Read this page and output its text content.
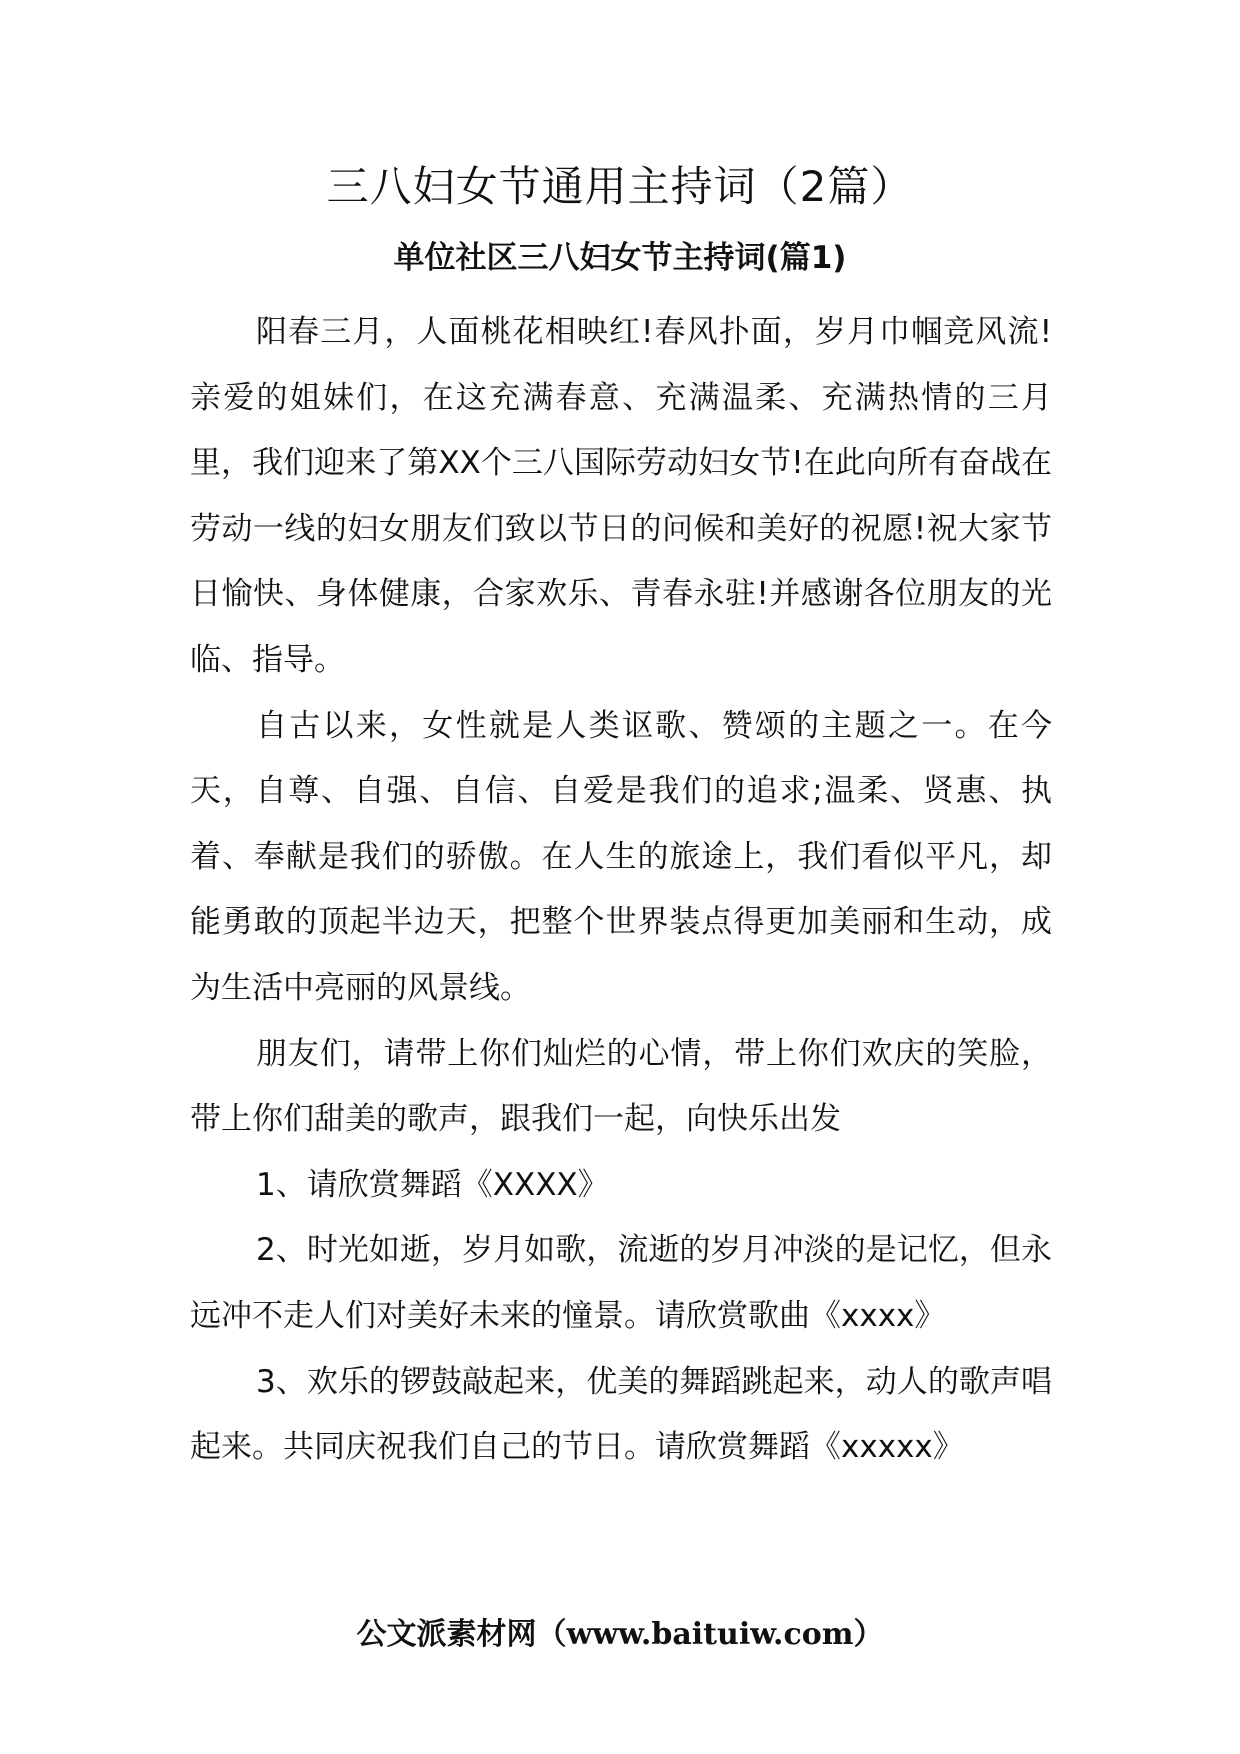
三八妇女节通用主持词（2篇）
单位社区三八妇女节主持词(篇1)

阳春三月，人面桃花相映红!春风扑面，岁月巾帼竞风流!亲爱的姐妹们，在这充满春意、充满温柔、充满热情的三月里，我们迎来了第XX个三八国际劳动妇女节!在此向所有奋战在劳动一线的妇女朋友们致以节日的问候和美好的祝愿!祝大家节日愉快、身体健康，合家欢乐、青春永驻!并感谢各位朋友的光临、指导。

自古以来，女性就是人类讴歌、赞颂的主题之一。在今天，自尊、自强、自信、自爱是我们的追求;温柔、贤惠、执着、奉献是我们的骄傲。在人生的旅途上，我们看似平凡，却能勇敢的顶起半边天，把整个世界装点得更加美丽和生动，成为生活中亮丽的风景线。

朋友们，请带上你们灿烂的心情，带上你们欢庆的笑脸，带上你们甜美的歌声，跟我们一起，向快乐出发

1、请欣赏舞蹈《XXXX》

2、时光如逝，岁月如歌，流逝的岁月冲淡的是记忆，但永远冲不走人们对美好未来的憧景。请欣赏歌曲《xxxx》

3、欢乐的锣鼓敲起来，优美的舞蹈跳起来，动人的歌声唱起来。共同庆祝我们自己的节日。请欣赏舞蹈《xxxxx》

公文派素材网（www.baituiw.com）
